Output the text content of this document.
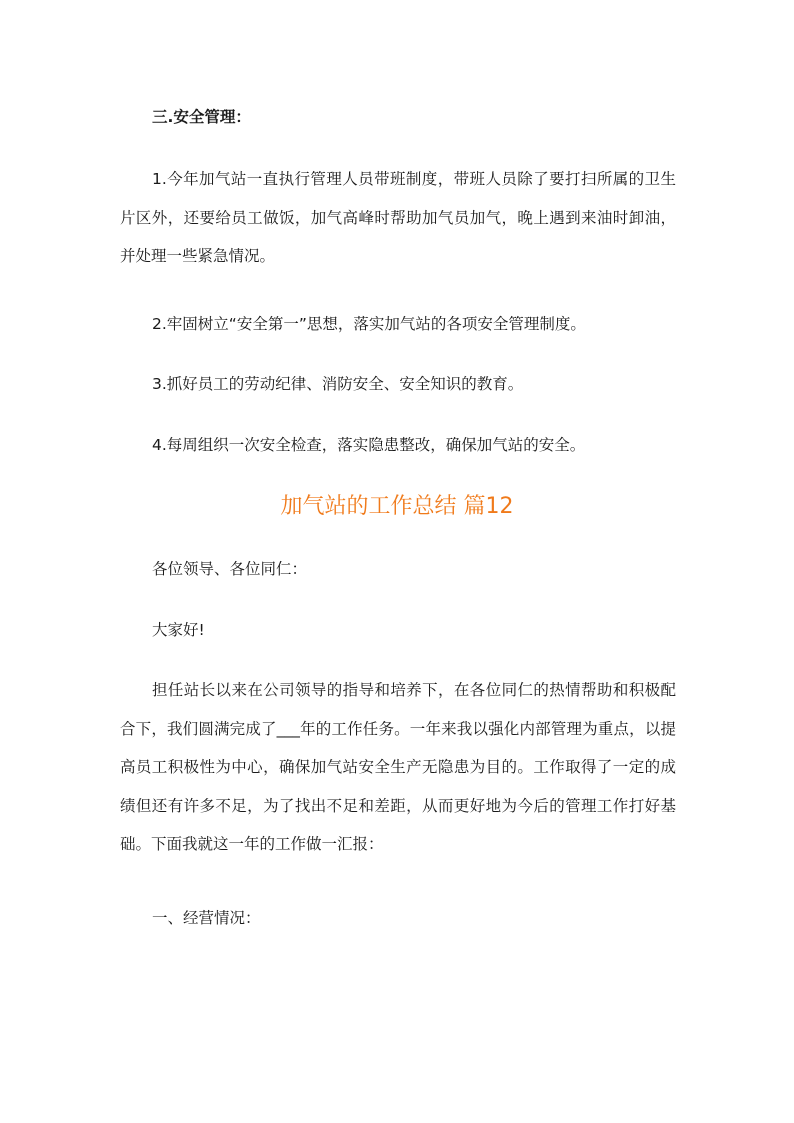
三.安全管理：
1.今年加气站一直执行管理人员带班制度，带班人员除了要打扫所属的卫生片区外，还要给员工做饭，加气高峰时帮助加气员加气，晚上遇到来油时卸油，并处理一些紧急情况。
2.牢固树立“安全第一”思想，落实加气站的各项安全管理制度。
3.抓好员工的劳动纪律、消防安全、安全知识的教育。
4.每周组织一次安全检查，落实隐患整改，确保加气站的安全。
加气站的工作总结 篇12
各位领导、各位同仁：
大家好!
担任站长以来在公司领导的指导和培养下，在各位同仁的热情帮助和积极配合下，我们圆满完成了___年的工作任务。一年来我以强化内部管理为重点，以提高员工积极性为中心，确保加气站安全生产无隐患为目的。工作取得了一定的成绩但还有许多不足，为了找出不足和差距，从而更好地为今后的管理工作打好基础。下面我就这一年的工作做一汇报：
一、经营情况：
